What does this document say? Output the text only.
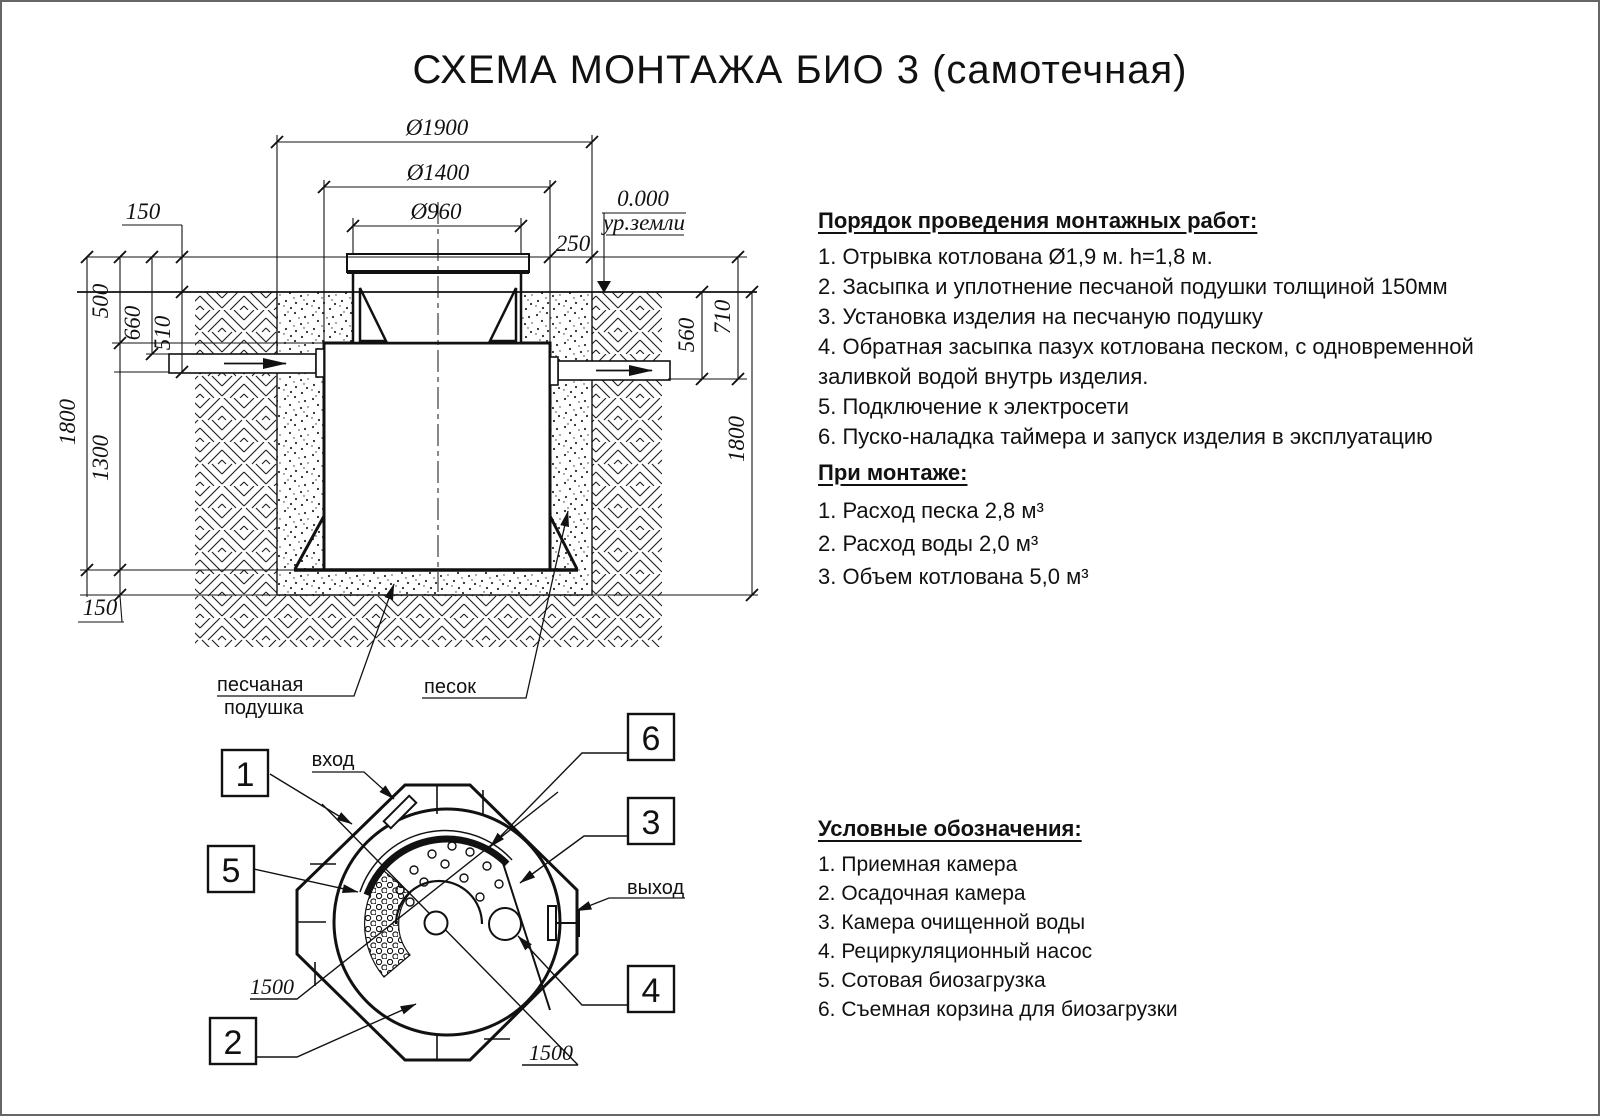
СХЕМА МОНТАЖА БИО 3 (самотечная)
Ø1900
Ø1400
Ø960
150
250
0.000
ур.земли
500
660 510
1800
1300
150
560
710
1800
песчаная
подушка
песок
1
5
2
6
3
4
вход
выход
1500
1500
Порядок проведения монтажных работ:
1. Отрывка котлована Ø1,9 м. h=1,8 м.
2. Засыпка и уплотнение песчаной подушки толщиной 150мм
3. Установка изделия на песчаную подушку
4. Обратная засыпка пазух котлована песком, с одновременной заливкой водой внутрь изделия.
5. Подключение к электросети
6. Пуско-наладка таймера и запуск изделия в эксплуатацию
При монтаже:
1. Расход песка 2,8 м³
2. Расход воды 2,0 м³
3. Объем котлована 5,0 м³
Условные обозначения:
1. Приемная камера
2. Осадочная камера
3. Камера очищенной воды
4. Рециркуляционный насос
5. Сотовая биозагрузка
6. Съемная корзина для биозагрузки
